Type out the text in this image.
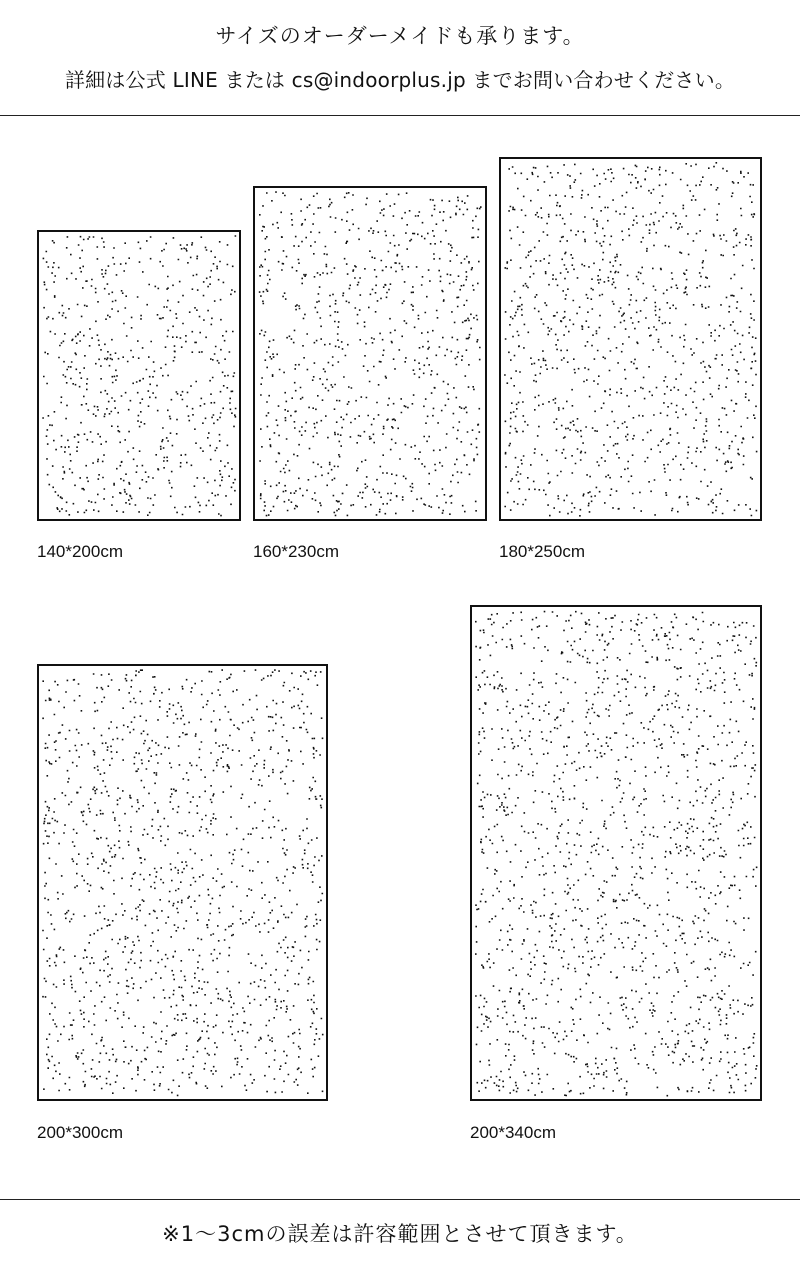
サイズのオーダーメイドも承ります。
詳細は公式 LINE または cs@indoorplus.jp までお問い合わせください。
140*200cm	160*230cm	180*250cm
200*300cm	200*340cm
※1〜3cmの誤差は許容範囲とさせて頂きます。
